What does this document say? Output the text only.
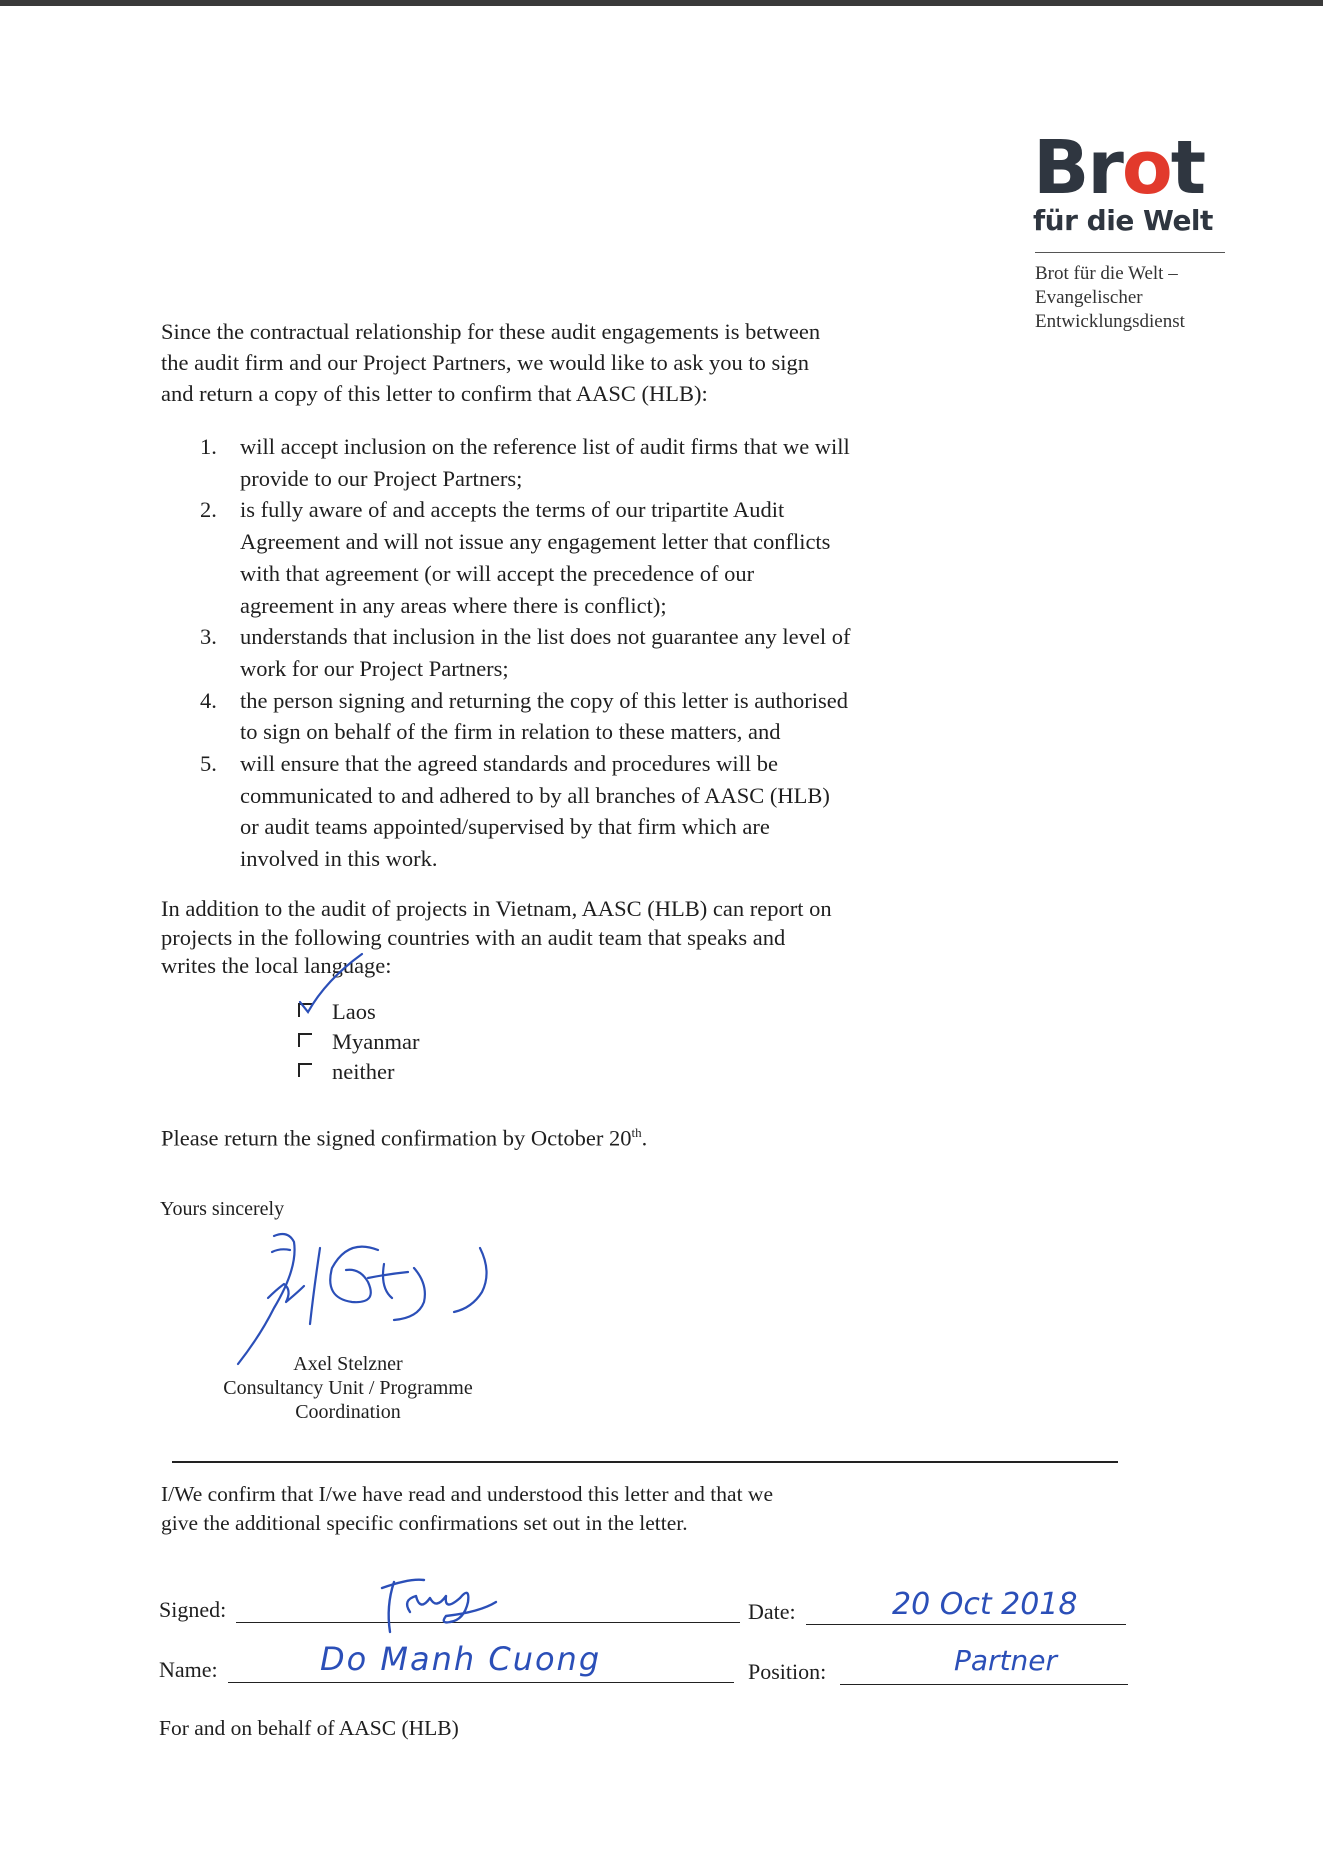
Brot
für die Welt
Brot für die Welt –
Evangelischer
Entwicklungsdienst
Since the contractual relationship for these audit engagements is between
the audit firm and our Project Partners, we would like to ask you to sign
and return a copy of this letter to confirm that AASC (HLB):
1. will accept inclusion on the reference list of audit firms that we will
provide to our Project Partners;
2. is fully aware of and accepts the terms of our tripartite Audit
Agreement and will not issue any engagement letter that conflicts
with that agreement (or will accept the precedence of our
agreement in any areas where there is conflict);
3. understands that inclusion in the list does not guarantee any level of
work for our Project Partners;
4. the person signing and returning the copy of this letter is authorised
to sign on behalf of the firm in relation to these matters, and
5. will ensure that the agreed standards and procedures will be
communicated to and adhered to by all branches of AASC (HLB)
or audit teams appointed/supervised by that firm which are
involved in this work.
In addition to the audit of projects in Vietnam, AASC (HLB) can report on
projects in the following countries with an audit team that speaks and
writes the local language:
Laos
Myanmar
neither
Please return the signed confirmation by October 20th.
Yours sincerely
Axel Stelzner
Consultancy Unit / Programme
Coordination
I/We confirm that I/we have read and understood this letter and that we
give the additional specific confirmations set out in the letter.
Signed:	Date:	20 Oct 2018
Name:	Do Manh Cuong	Position:	Partner
For and on behalf of AASC (HLB)
